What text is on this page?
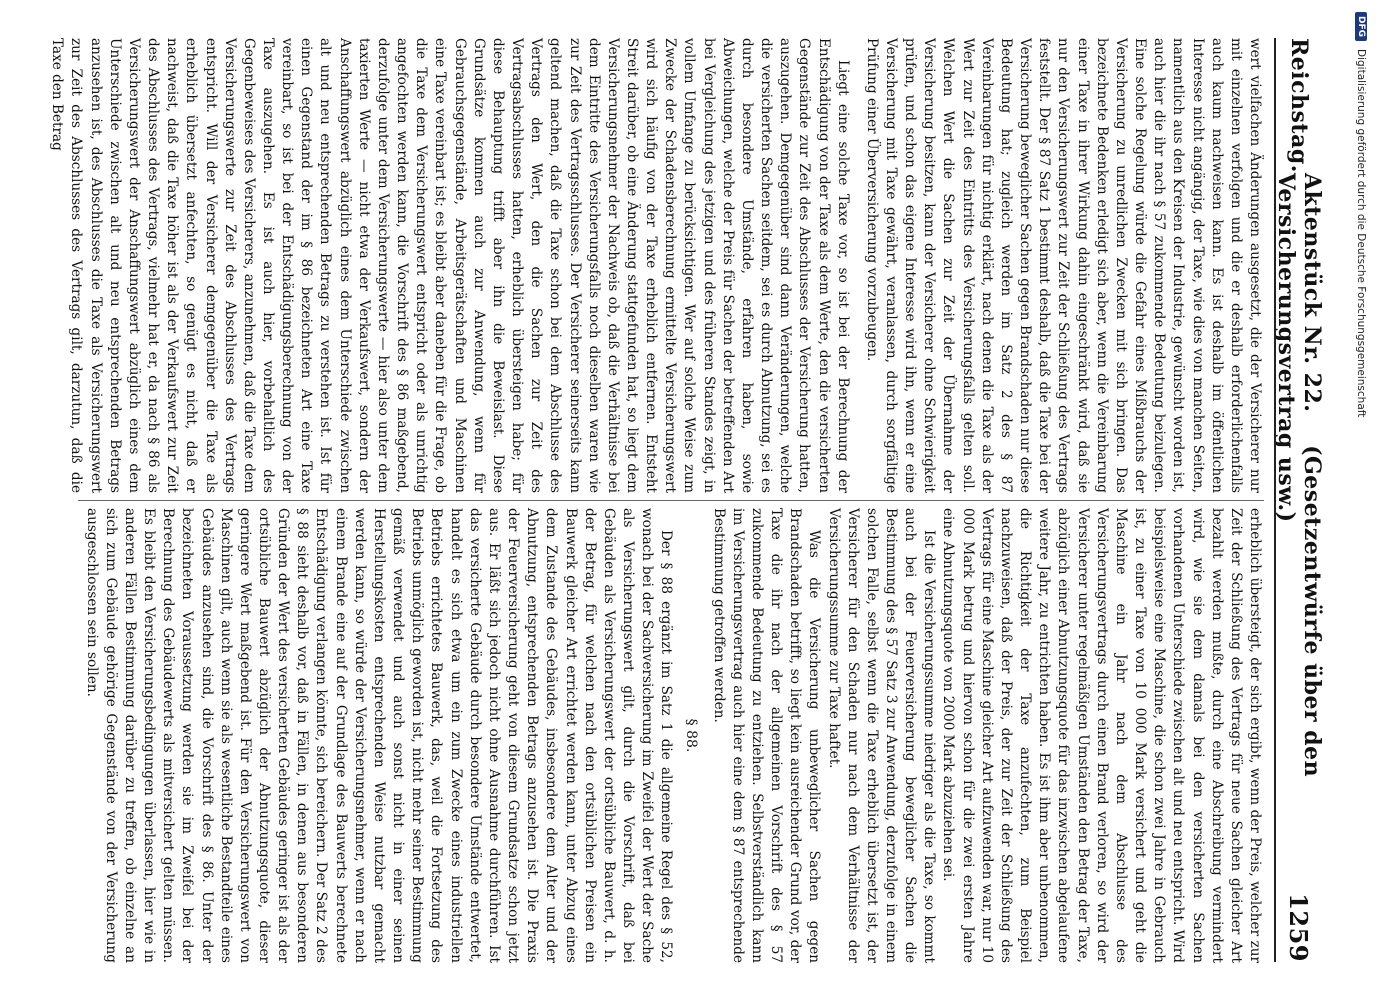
Reichstag.
Aktenstück Nr. 22.    (Gesetzentwürfe über den Versicherungsvertrag usw.)
1259

wert vielfachen Änderungen ausgesetzt, die der Versicherer nur mit einzelnen verfolgen und die er deshalb erforderlichenfalls auch kaum nachweisen kann. Es ist deshalb im öffentlichen Interesse nicht angängig, der Taxe, wie dies von manchen Seiten, namentlich aus den Kreisen der Industrie, gewünscht worden ist, auch hier die ihr nach § 57 zukommende Bedeutung beizulegen. Eine solche Regelung würde die Gefahr eines Mißbrauchs der Versicherung zu unredlichen Zwecken mit sich bringen. Das bezeichnete Bedenken erledigt sich aber, wenn die Vereinbarung einer Taxe in ihrer Wirkung dahin eingeschränkt wird, daß sie nur den Versicherungswert zur Zeit der Schließung des Vertrags feststellt. Der § 87 Satz 1 bestimmt deshalb, daß die Taxe bei der Versicherung beweglicher Sachen gegen Brandschaden nur diese Bedeutung hat; zugleich werden im Satz 2 des § 87 Vereinbarungen für nichtig erklärt, nach denen die Taxe als der Wert zur Zeit des Eintritts des Versicherungsfalls gelten soll. Welchen Wert die Sachen zur Zeit der Übernahme der Versicherung besitzen, kann der Versicherer ohne Schwierigkeit prüfen, und schon das eigene Interesse wird ihn, wenn er eine Versicherung mit Taxe gewährt, veranlassen, durch sorgfältige Prüfung einer Überversicherung vorzubeugen.

Liegt eine solche Taxe vor, so ist bei der Berechnung der Entschädigung von der Taxe als dem Werte, den die versicherten Gegenstände zur Zeit des Abschlusses der Versicherung hatten, auszugehen. Demgegenüber sind dann Veränderungen, welche die versicherten Sachen seitdem, sei es durch Abnutzung, sei es durch besondere Umstände, erfahren haben, sowie Abweichungen, welche der Preis für Sachen der betreffenden Art bei Vergleichung des jetzigen und des früheren Standes zeigt, in vollem Umfange zu berücksichtigen. Wer auf solche Weise zum Zwecke der Schadensberechnung ermittelte Versicherungswert wird sich häufig von der Taxe erheblich entfernen. Entsteht Streit darüber, ob eine Änderung stattgefunden hat, so liegt dem Versicherungsnehmer der Nachweis ob, daß die Verhältnisse bei dem Eintritte des Versicherungsfalls noch dieselben waren wie zur Zeit des Vertragsschlusses. Der Versicherer seinerseits kann geltend machen, daß die Taxe schon bei dem Abschlusse des Vertrags den Wert, den die Sachen zur Zeit des Vertragsabschlusses hatten, erheblich übersteigen habe; für diese Behauptung trifft aber ihn die Beweislast. Diese Grundsätze kommen auch zur Anwendung, wenn für Gebrauchsgegenstände, Arbeitsgerätschaften und Maschinen eine Taxe vereinbart ist; es bleibt aber daneben für die Frage, ob die Taxe dem Versicherungswert entspricht oder als unrichtig angefochten werden kann, die Vorschrift des § 86 maßgebend, derzufolge unter dem Versicherungswerte — hier also unter dem taxierten Werte — nicht etwa der Verkaufswert, sondern der Anschaffungswert abzüglich eines dem Unterschiede zwischen alt und neu entsprechenden Betrags zu verstehen ist. Ist für einen Gegenstand der im § 86 bezeichneten Art eine Taxe vereinbart, so ist bei der Entschädigungsberechnung von der Taxe auszugehen. Es ist auch hier, vorbehaltlich des Gegenbeweises des Versicherers, anzunehmen, daß die Taxe dem Versicherungswerte zur Zeit des Abschlusses des Vertrags entspricht. Will der Versicherer demgegenüber die Taxe als erheblich übersetzt anfechten, so genügt es nicht, daß er nachweist, daß die Taxe höher ist als der Verkaufswert zur Zeit des Abschlusses des Vertrags, vielmehr hat er, da nach § 86 als Versicherungswert der Anschaffungswert abzüglich eines dem Unterschiede zwischen alt und neu entsprechenden Betrags anzusehen ist, des Abschlusses die Taxe als Versicherungswert zur Zeit des Abschlusses des Vertrags gilt, darzutun, daß die Taxe den Betrag

erheblich übersteigt, der sich ergibt, wenn der Preis, welcher zur Zeit der Schließung des Vertrags für neue Sachen gleicher Art bezahlt werden mußte, durch eine Abschreibung vermindert wird, wie sie dem damals bei den versicherten Sachen vorhandenen Unterschiede zwischen alt und neu entspricht. Wird beispielsweise eine Maschine, die schon zwei Jahre in Gebrauch ist, zu einer Taxe von 10 000 Mark versichert und geht die Maschine ein Jahr nach dem Abschlusse des Versicherungsvertrags durch einen Brand verloren, so wird der Versicherer unter regelmäßigen Umständen den Betrag der Taxe, abzüglich einer Abnutzungsquote für das inzwischen abgelaufene weitere Jahr, zu entrichten haben. Es ist ihm aber unbenommen, die Richtigkeit der Taxe anzufechten, zum Beispiel nachzuweisen, daß der Preis, der zur Zeit der Schließung des Vertrags für eine Maschine gleicher Art aufzuwenden war, nur 10 000 Mark betrug und hiervon schon für die zwei ersten Jahre eine Abnutzungsquote von 2000 Mark abzuziehen sei.

Ist die Versicherungssumme niedriger als die Taxe, so kommt auch bei der Feuerversicherung beweglicher Sachen die Bestimmung des § 57 Satz 3 zur Anwendung, derzufolge in einem solchen Falle, selbst wenn die Taxe erheblich übersetzt ist, der Versicherer für den Schaden nur nach dem Verhältnisse der Versicherungssumme zur Taxe haftet.

Was die Versicherung unbeweglicher Sachen gegen Brandschaden betrifft, so liegt kein ausreichender Grund vor, der Taxe die ihr nach der allgemeinen Vorschrift des § 57 zukommende Bedeutung zu entziehen. Selbstverständlich kann im Versicherungsvertrag auch hier eine dem § 87 entsprechende Bestimmung getroffen werden.

§ 88.

Der § 88 ergänzt im Satz 1 die allgemeine Regel des § 52, wonach bei der Sachversicherung im Zweifel der Wert der Sache als Versicherungswert gilt, durch die Vorschrift, daß bei Gebäuden als Versicherungswert der ortsübliche Bauwert, d. h. der Betrag, für welchen nach den ortsüblichen Preisen ein Bauwerk gleicher Art errichtet werden kann, unter Abzug eines dem Zustande des Gebäudes, insbesondere dem Alter und der Abnutzung, entsprechenden Betrags anzusehen ist. Die Praxis der Feuerversicherung geht von diesem Grundsatze schon jetzt aus. Er läßt sich jedoch nicht ohne Ausnahme durchführen. Ist das versicherte Gebäude durch besondere Umstände entwertet, handelt es sich etwa um ein zum Zwecke eines industriellen Betriebs errichtetes Bauwerk, das, weil die Fortsetzung des Betriebs unmöglich geworden ist, nicht mehr seiner Bestimmung gemäß verwendet und auch sonst nicht in einer seinen Herstellungskosten entsprechenden Weise nutzbar gemacht werden kann, so würde der Versicherungsnehmer, wenn er nach einem Brande eine auf der Grundlage des Bauwerts berechnete Entschädigung verlangen könnte, sich bereichern. Der Satz 2 des § 88 sieht deshalb vor, daß in Fällen, in denen aus besonderen Gründen der Wert des versicherten Gebäudes geringer ist als der ortsübliche Bauwert abzüglich der Abnutzungsquote, dieser geringere Wert maßgebend ist. Für den Versicherungswert von Maschinen gilt, auch wenn sie als wesentliche Bestandteile eines Gebäudes anzusehen sind, die Vorschrift des § 86. Unter der bezeichneten Voraussetzung werden sie im Zweifel bei der Berechnung des Gebäudewerts als mitversichert gelten müssen. Es bleibt den Versicherungsbedingungen überlassen, hier wie in anderen Fällen Bestimmung darüber zu treffen, ob einzelne an sich zum Gebäude gehörige Gegenstände von der Versicherung ausgeschlossen sein sollen.

DFG
Digitalisierung gefördert durch die Deutsche Forschungsgemeinschaft
